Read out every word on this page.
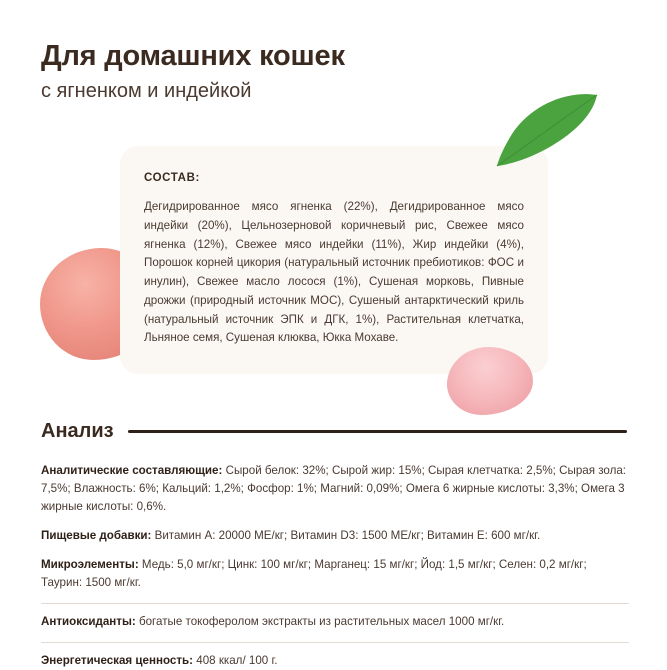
Для домашних кошек
с ягненком и индейкой
СОСТАВ:

Дегидрированное мясо ягненка (22%), Дегидрированное мясо индейки (20%), Цельнозерновой коричневый рис, Свежее мясо ягненка (12%), Свежее мясо индейки (11%), Жир индейки (4%), Порошок корней цикория (натуральный источник пребиотиков: ФОС и инулин), Свежее масло лосося (1%), Сушеная морковь, Пивные дрожжи (природный источник МОС), Сушеный антарктический криль (натуральный источник ЭПК и ДГК, 1%), Растительная клетчатка, Льняное семя, Сушеная клюква, Юкка Мохаве.

Анализ

Аналитические составляющие: Сырой белок: 32%; Сырой жир: 15%; Сырая клетчатка: 2,5%; Сырая зола: 7,5%; Влажность: 6%; Кальций: 1,2%; Фосфор: 1%; Магний: 0,09%; Омега 6 жирные кислоты: 3,3%; Омега 3 жирные кислоты: 0,6%.

Пищевые добавки: Витамин А: 20000 МЕ/кг; Витамин D3: 1500 МЕ/кг; Витамин Е: 600 мг/кг.

Микроэлементы: Медь: 5,0 мг/кг; Цинк: 100 мг/кг; Марганец: 15 мг/кг; Йод: 1,5 мг/кг; Селен: 0,2 мг/кг; Таурин: 1500 мг/кг.

Антиоксиданты: богатые токоферолом экстракты из растительных масел 1000 мг/кг.

Энергетическая ценность: 408 ккал/ 100 г.
